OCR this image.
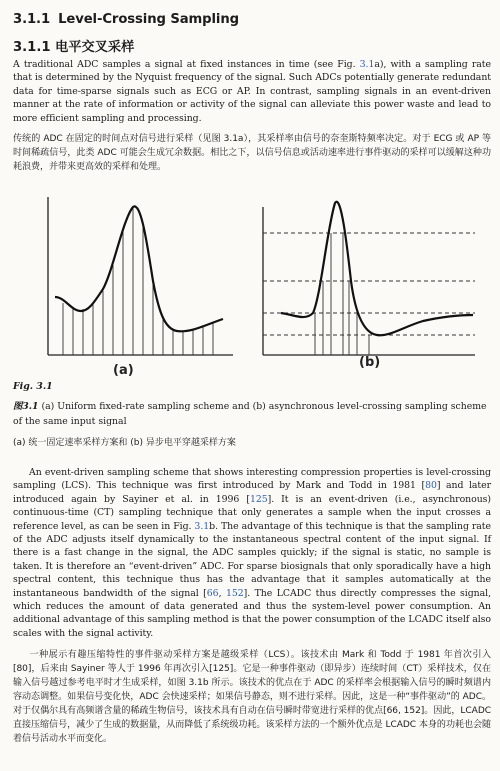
3.1.1 Level-Crossing Sampling
3.1.1 电平交叉采样
A traditional ADC samples a signal at fixed instances in time (see Fig. 3.1a), with a sampling rate that is determined by the Nyquist frequency of the signal. Such ADCs potentially generate redundant data for time-sparse signals such as ECG or AP. In contrast, sampling signals in an event-driven manner at the rate of information or activity of the signal can alleviate this power waste and lead to more efficient sampling and processing.
传统的 ADC 在固定的时间点对信号进行采样（见图 3.1a），其采样率由信号的奈奎斯特频率决定。对于 ECG 或 AP 等时间稀疏信号，此类 ADC 可能会生成冗余数据。相比之下，以信号信息或活动速率进行事件驱动的采样可以缓解这种功耗浪费，并带来更高效的采样和处理。
(a)
(b)
Fig. 3.1
图3.1 (a) Uniform fixed-rate sampling scheme and (b) asynchronous level-crossing sampling scheme of the same input signal
(a) 统一固定速率采样方案和 (b) 异步电平穿越采样方案
An event-driven sampling scheme that shows interesting compression properties is level-crossing sampling (LCS). This technique was first introduced by Mark and Todd in 1981 [80] and later introduced again by Sayiner et al. in 1996 [125]. It is an event-driven (i.e., asynchronous) continuous-time (CT) sampling technique that only generates a sample when the input crosses a reference level, as can be seen in Fig. 3.1b. The advantage of this technique is that the sampling rate of the ADC adjusts itself dynamically to the instantaneous spectral content of the input signal. If there is a fast change in the signal, the ADC samples quickly; if the signal is static, no sample is taken. It is therefore an “event-driven” ADC. For sparse biosignals that only sporadically have a high spectral content, this technique thus has the advantage that it samples automatically at the instantaneous bandwidth of the signal [66, 152]. The LCADC thus directly compresses the signal, which reduces the amount of data generated and thus the system-level power consumption. An additional advantage of this sampling method is that the power consumption of the LCADC itself also scales with the signal activity.
一种展示有趣压缩特性的事件驱动采样方案是越级采样（LCS）。该技术由 Mark 和 Todd 于 1981 年首次引入[80]，后来由 Sayiner 等人于 1996 年再次引入[125]。它是一种事件驱动（即异步）连续时间（CT）采样技术，仅在输入信号越过参考电平时才生成采样，如图 3.1b 所示。该技术的优点在于 ADC 的采样率会根据输入信号的瞬时频谱内容动态调整。如果信号变化快，ADC 会快速采样；如果信号静态，则不进行采样。因此，这是一种“事件驱动”的 ADC。对于仅偶尔具有高频谱含量的稀疏生物信号，该技术具有自动在信号瞬时带宽进行采样的优点[66, 152]。因此，LCADC 直接压缩信号，减少了生成的数据量，从而降低了系统级功耗。该采样方法的一个额外优点是 LCADC 本身的功耗也会随着信号活动水平而变化。
